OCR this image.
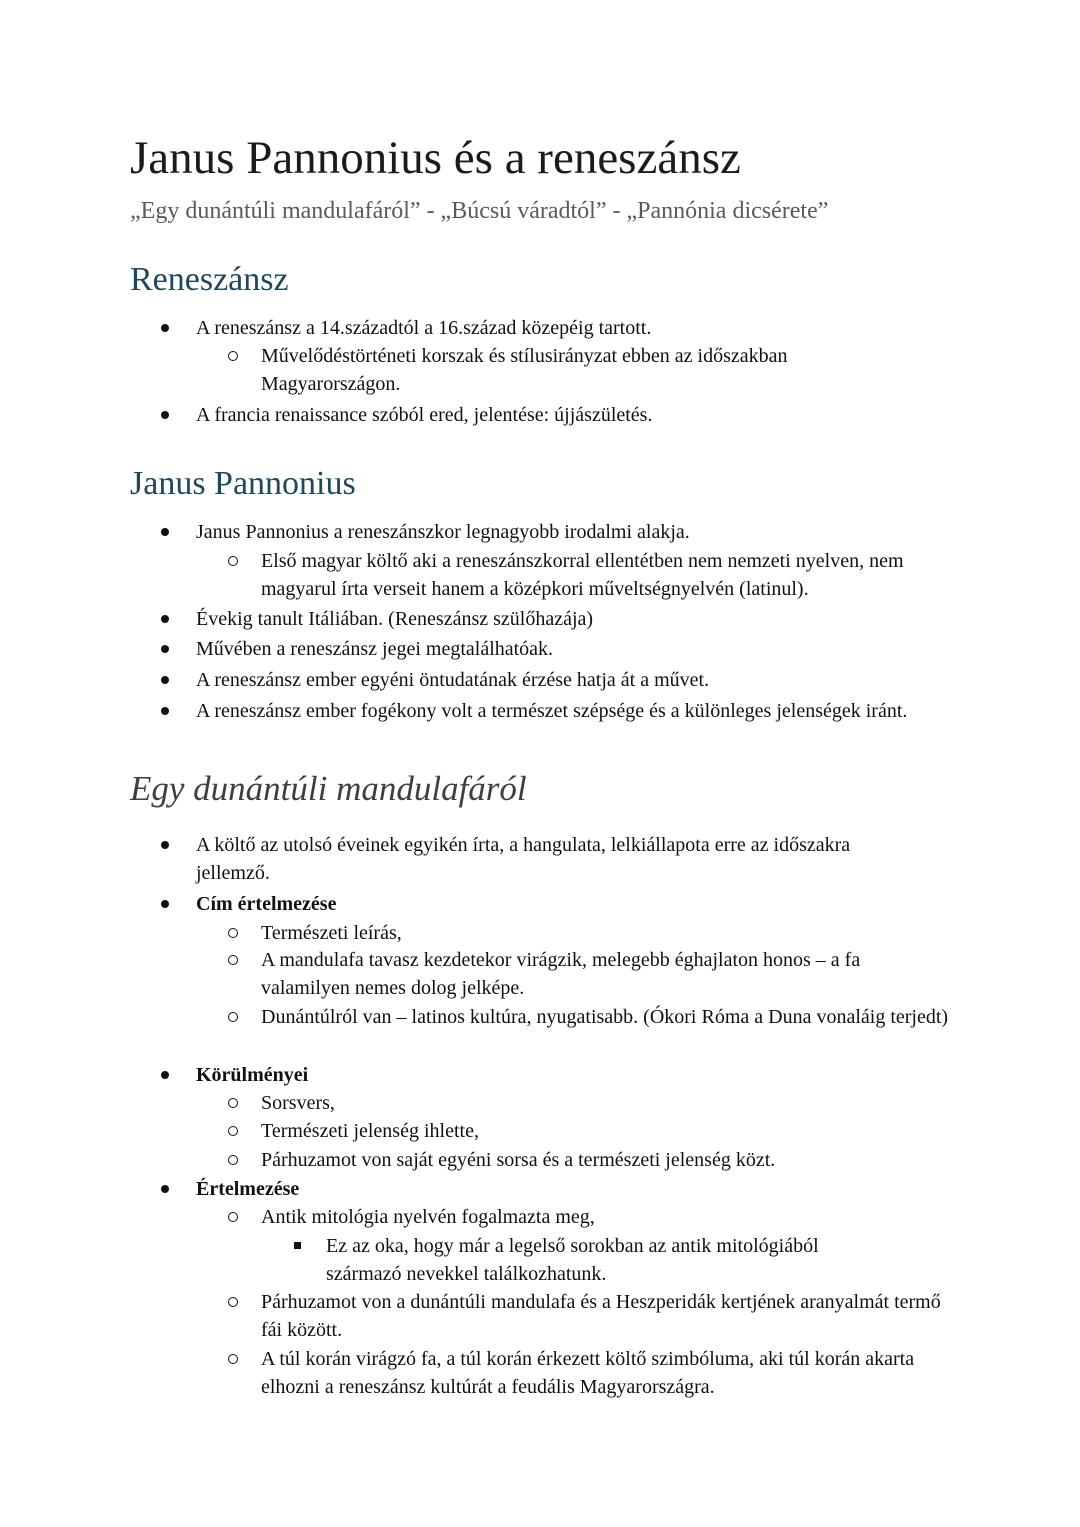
Janus Pannonius és a reneszánsz

„Egy dunántúli mandulafáról” - „Búcsú váradtól” - „Pannónia dicsérete”

Reneszánsz
A reneszánsz a 14.századtól a 16.század közepéig tartott.
Művelődéstörténeti korszak és stílusirányzat ebben az időszakban Magyarországon.
A francia renaissance szóból ered, jelentése: újjászületés.
Janus Pannonius
Janus Pannonius a reneszánszkor legnagyobb irodalmi alakja.
Első magyar költő aki a reneszánszkorral ellentétben nem nemzeti nyelven, nem magyarul írta verseit hanem a középkori műveltségnyelvén (latinul).
Évekig tanult Itáliában. (Reneszánsz szülőhazája)
Művében a reneszánsz jegei megtalálhatóak.
A reneszánsz ember egyéni öntudatának érzése hatja át a művet.
A reneszánsz ember fogékony volt a természet szépsége és a különleges jelenségek iránt.
Egy dunántúli mandulafáról
A költő az utolsó éveinek egyikén írta, a hangulata, lelkiállapota erre az időszakra jellemző.
Cím értelmezése
Természeti leírás,
A mandulafa tavasz kezdetekor virágzik, melegebb éghajlaton honos – a fa valamilyen nemes dolog jelképe.
Dunántúlról van – latinos kultúra, nyugatisabb. (Ókori Róma a Duna vonaláig terjedt)
Körülményei
Sorsvers,
Természeti jelenség ihlette,
Párhuzamot von saját egyéni sorsa és a természeti jelenség közt.
Értelmezése
Antik mitológia nyelvén fogalmazta meg,
Ez az oka, hogy már a legelső sorokban az antik mitológiából származó nevekkel találkozhatunk.
Párhuzamot von a dunántúli mandulafa és a Heszperidák kertjének aranyalmát termő fái között.
A túl korán virágzó fa, a túl korán érkezett költő szimbóluma, aki túl korán akarta elhozni a reneszánsz kultúrát a feudális Magyarországra.
